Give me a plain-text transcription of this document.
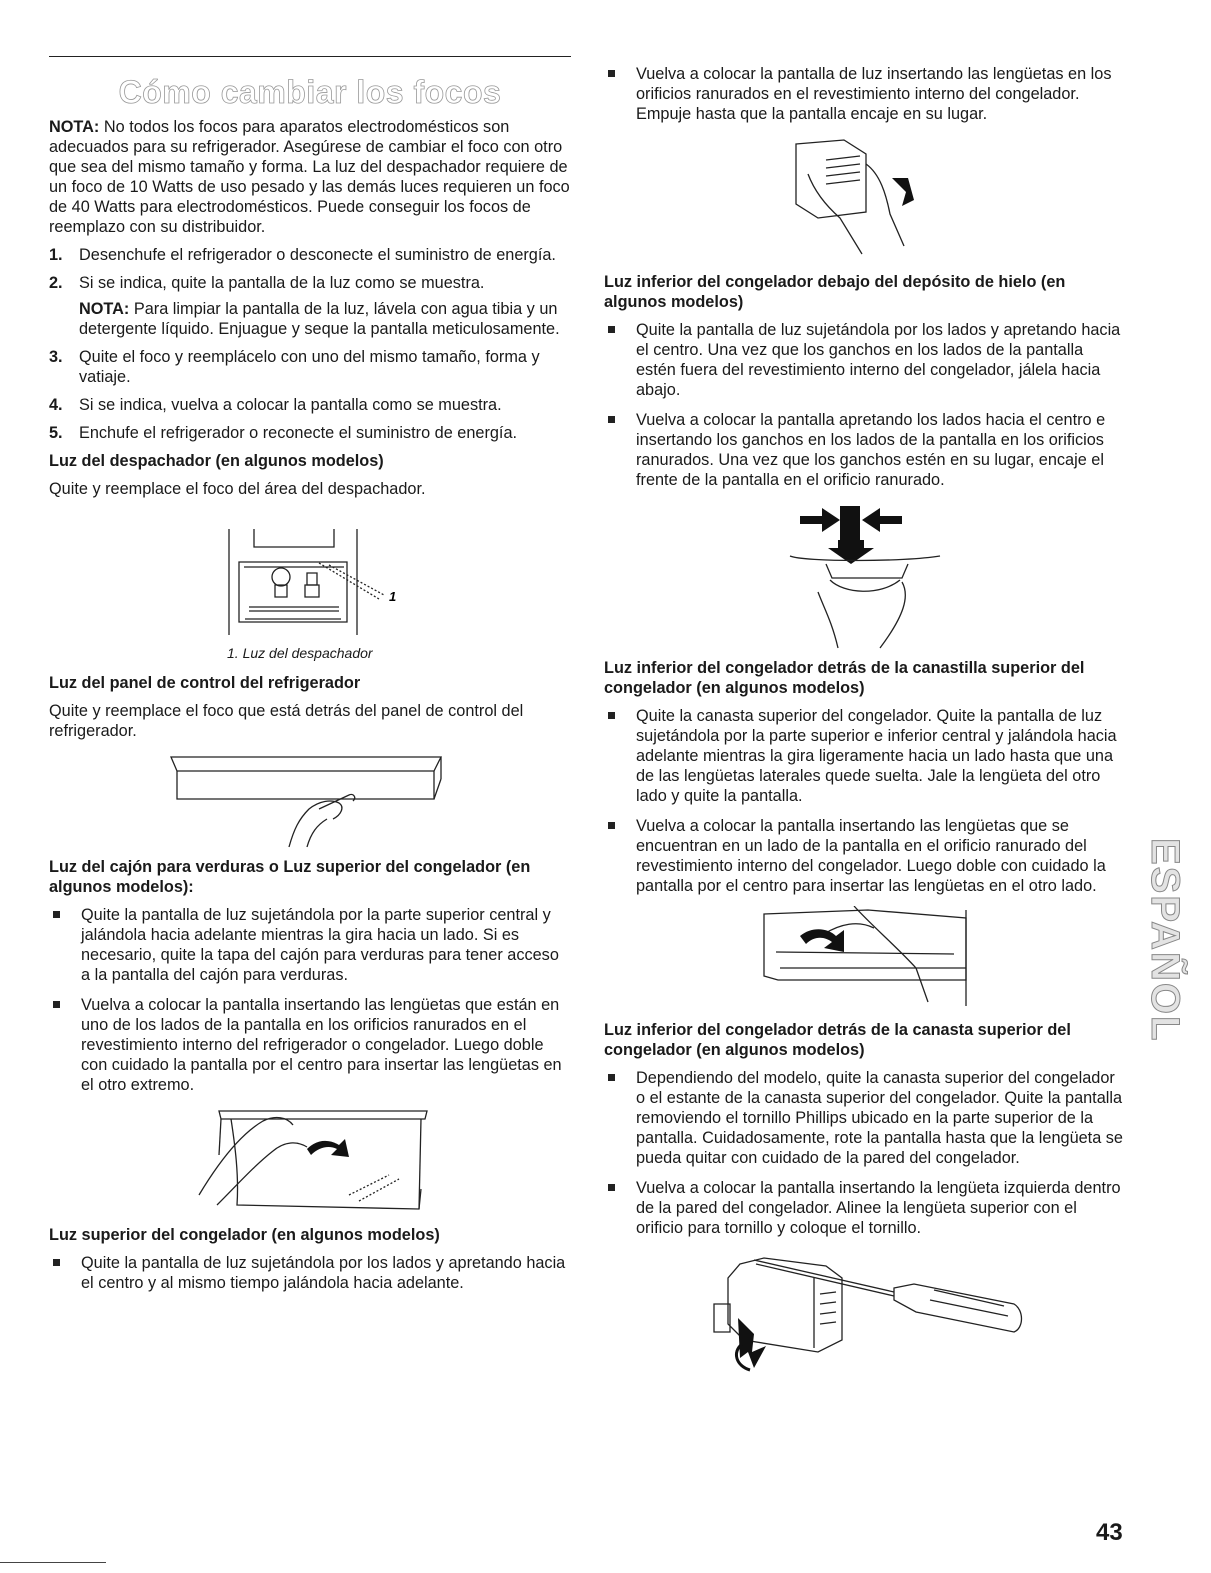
Cómo cambiar los focos

NOTA: No todos los focos para aparatos electrodomésticos son adecuados para su refrigerador. Asegúrese de cambiar el foco con otro que sea del mismo tamaño y forma. La luz del despachador requiere de un foco de 10 Watts de uso pesado y las demás luces requieren un foco de 40 Watts para electrodomésticos. Puede conseguir los focos de reemplazo con su distribuidor.

1. Desenchufe el refrigerador o desconecte el suministro de energía.
2. Si se indica, quite la pantalla de la luz como se muestra.
NOTA: Para limpiar la pantalla de la luz, lávela con agua tibia y un detergente líquido. Enjuague y seque la pantalla meticulosamente.
3. Quite el foco y reemplácelo con uno del mismo tamaño, forma y vatiaje.
4. Si se indica, vuelva a colocar la pantalla como se muestra.
5. Enchufe el refrigerador o reconecte el suministro de energía.
Luz del despachador (en algunos modelos)

Quite y reemplace el foco del área del despachador.

1
1. Luz del despachador
Luz del panel de control del refrigerador

Quite y reemplace el foco que está detrás del panel de control del refrigerador.

Luz del cajón para verduras o Luz superior del congelador (en algunos modelos):
Quite la pantalla de luz sujetándola por la parte superior central y jalándola hacia adelante mientras la gira hacia un lado. Si es necesario, quite la tapa del cajón para verduras para tener acceso a la pantalla del cajón para verduras.
Vuelva a colocar la pantalla insertando las lengüetas que están en uno de los lados de la pantalla en los orificios ranurados en el revestimiento interno del refrigerador o congelador. Luego doble con cuidado la pantalla por el centro para insertar las lengüetas en el otro extremo.
Luz superior del congelador (en algunos modelos)
Quite la pantalla de luz sujetándola por los lados y apretando hacia el centro y al mismo tiempo jalándola hacia adelante.
Vuelva a colocar la pantalla de luz insertando las lengüetas en los orificios ranurados en el revestimiento interno del congelador. Empuje hasta que la pantalla encaje en su lugar.
Luz inferior del congelador debajo del depósito de hielo (en algunos modelos)
Quite la pantalla de luz sujetándola por los lados y apretando hacia el centro. Una vez que los ganchos en los lados de la pantalla estén fuera del revestimiento interno del congelador, jálela hacia abajo.
Vuelva a colocar la pantalla apretando los lados hacia el centro e insertando los ganchos en los lados de la pantalla en los orificios ranurados. Una vez que los ganchos estén en su lugar, encaje el frente de la pantalla en el orificio ranurado.
Luz inferior del congelador detrás de la canastilla superior del congelador (en algunos modelos)
Quite la canasta superior del congelador. Quite la pantalla de luz sujetándola por la parte superior e inferior central y jalándola hacia adelante mientras la gira ligeramente hacia un lado hasta que una de las lengüetas laterales quede suelta. Jale la lengüeta del otro lado y quite la pantalla.
Vuelva a colocar la pantalla insertando las lengüetas que se encuentran en un lado de la pantalla en el orificio ranurado del revestimiento interno del congelador. Luego doble con cuidado la pantalla por el centro para insertar las lengüetas en el otro lado.
Luz inferior del congelador detrás de la canasta superior del congelador (en algunos modelos)
Dependiendo del modelo, quite la canasta superior del congelador o el estante de la canasta superior del congelador. Quite la pantalla removiendo el tornillo Phillips ubicado en la parte superior de la pantalla. Cuidadosamente, rote la pantalla hasta que la lengüeta se pueda quitar con cuidado de la pared del congelador.
Vuelva a colocar la pantalla insertando la lengüeta izquierda dentro de la pared del congelador. Alinee la lengüeta superior con el orificio para tornillo y coloque el tornillo.
ESPAÑOL
43
